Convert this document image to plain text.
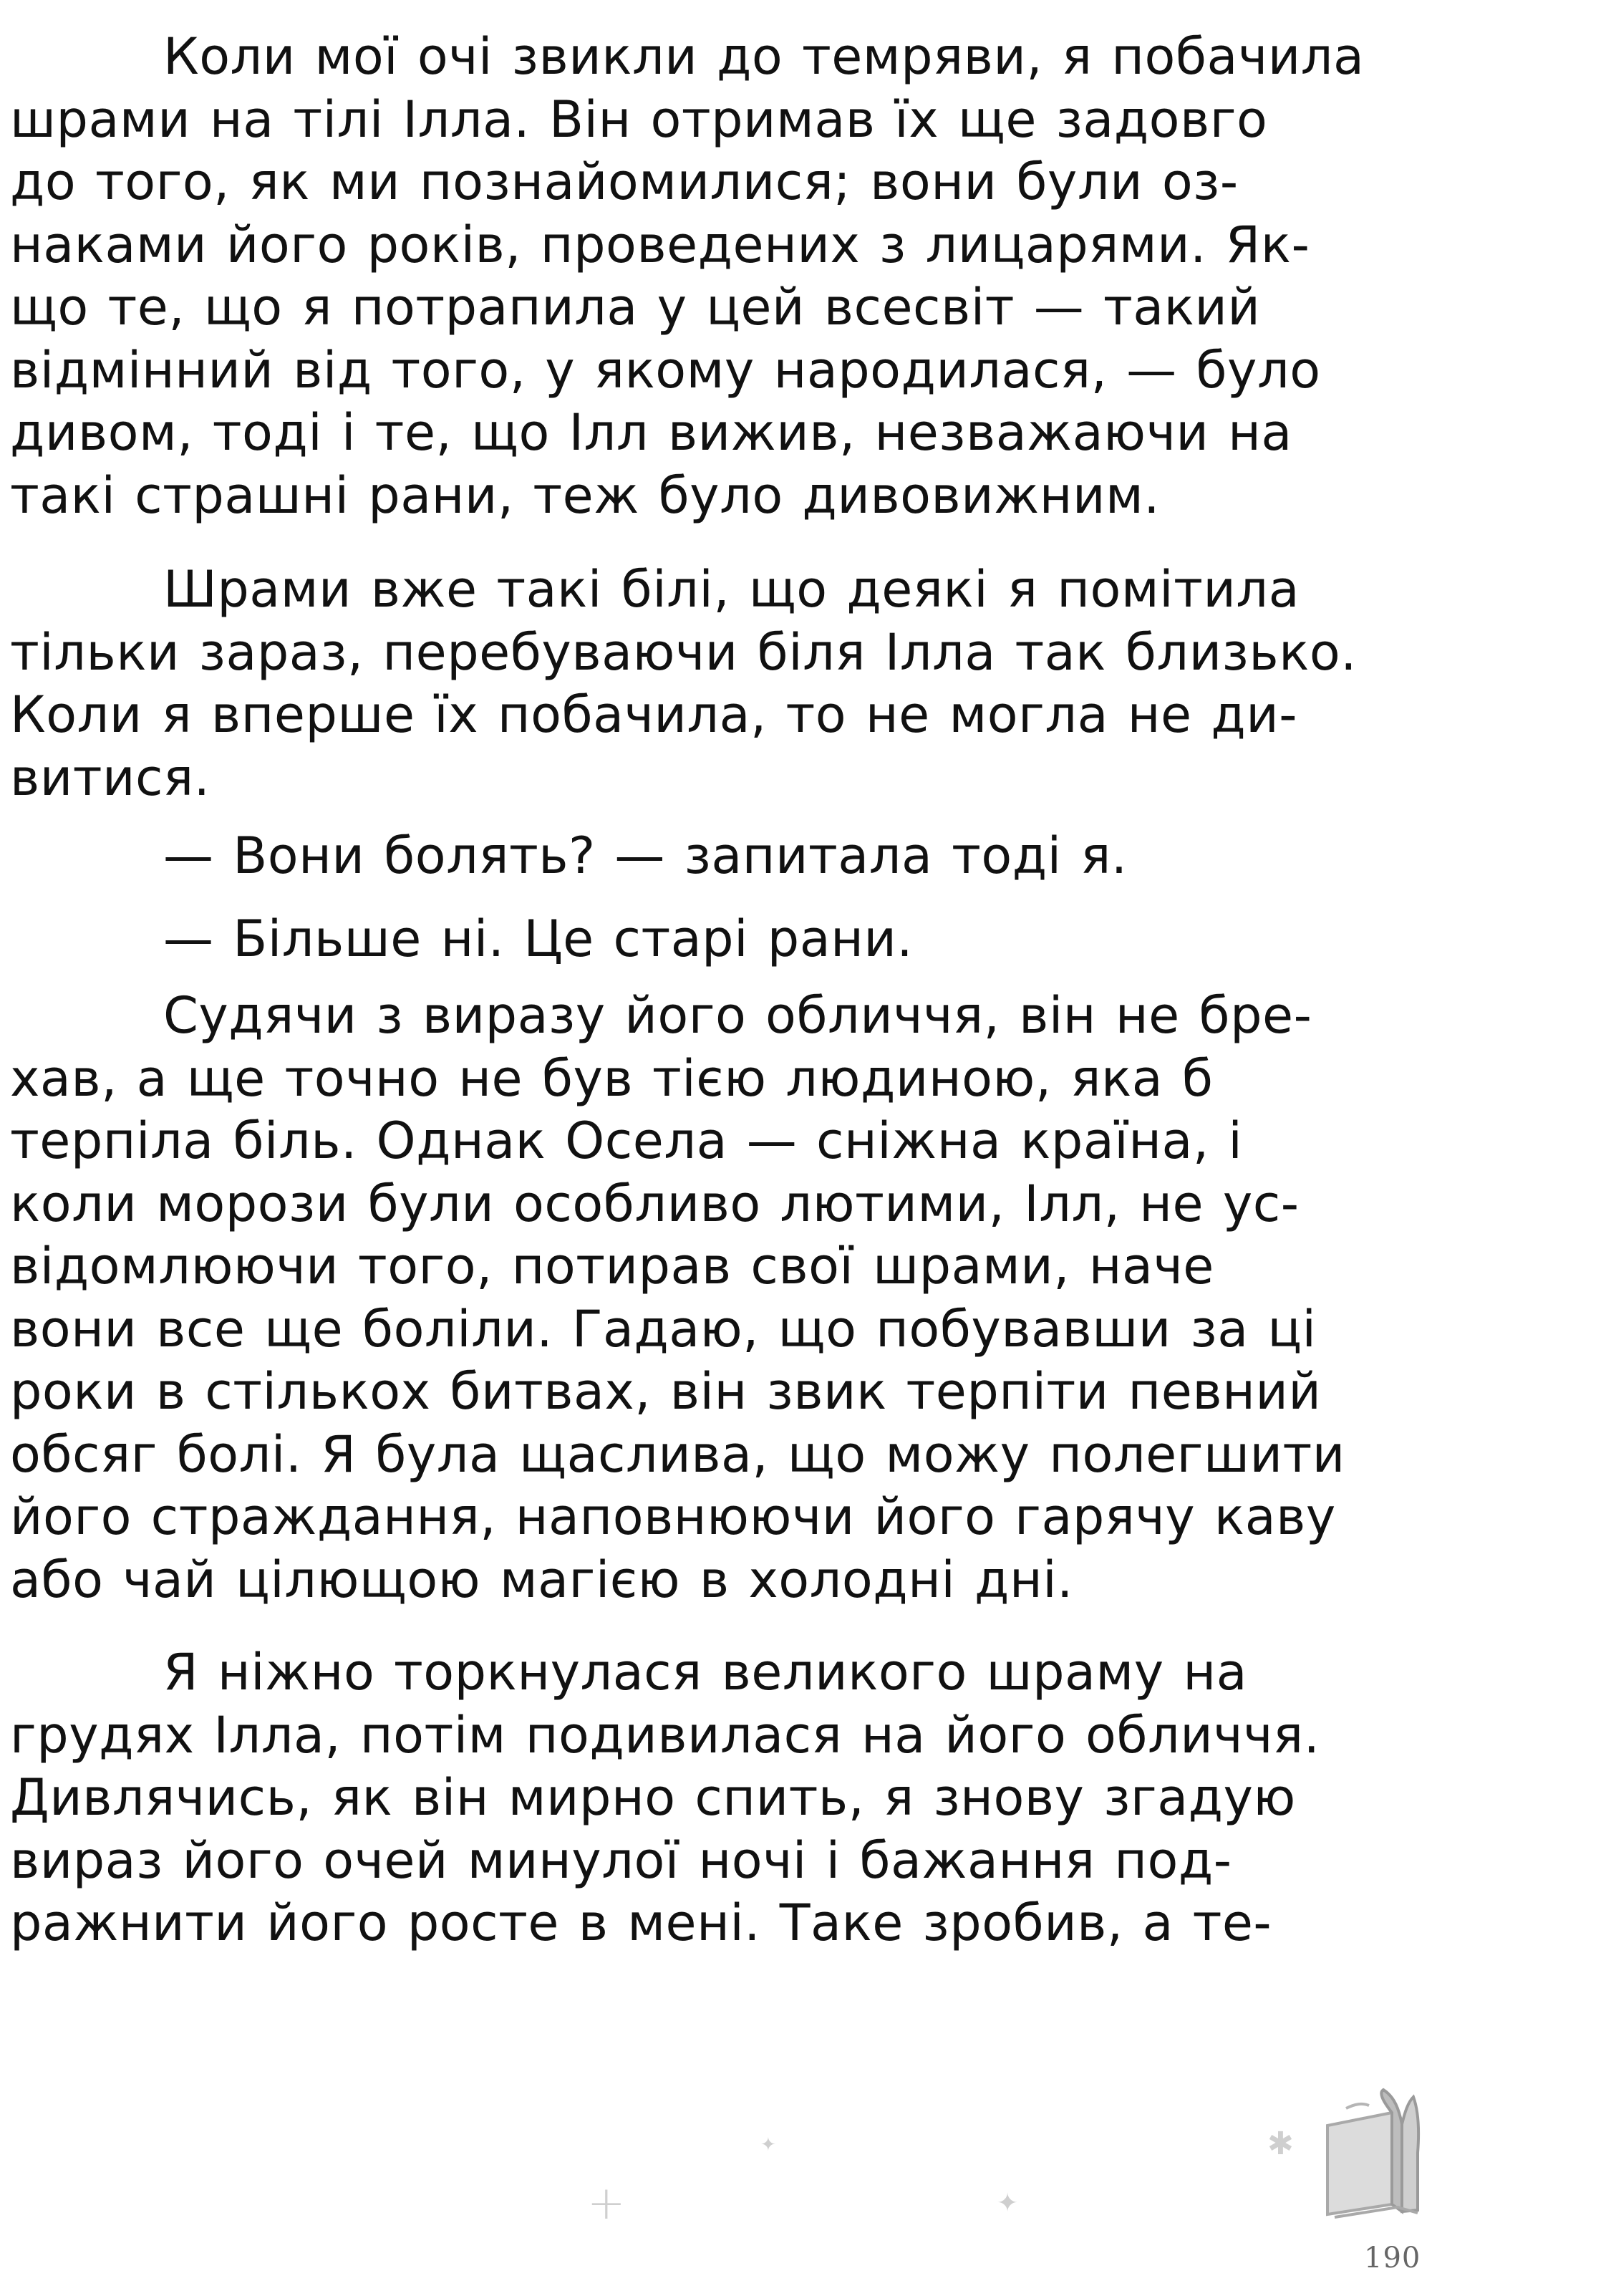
Коли мої очі звикли до темряви, я побачила
шрами на тілі Ілла. Він отримав їх ще задовго
до того, як ми познайомилися; вони були оз-
наками його років, проведених з лицарями. Як-
що те, що я потрапила у цей всесвіт — такий
відмінний від того, у якому народилася, — було
дивом, тоді і те, що Ілл вижив, незважаючи на
такі страшні рани, теж було дивовижним.

Шрами вже такі білі, що деякі я помітила
тільки зараз, перебуваючи біля Ілла так близько.
Коли я вперше їх побачила, то не могла не ди-
витися.

— Вони болять? — запитала тоді я.

— Більше ні. Це старі рани.

Судячи з виразу його обличчя, він не бре-
хав, а ще точно не був тією людиною, яка б
терпіла біль. Однак Осела — сніжна країна, і
коли морози були особливо лютими, Ілл, не ус-
відомлюючи того, потирав свої шрами, наче
вони все ще боліли. Гадаю, що побувавши за ці
роки в стількох битвах, він звик терпіти певний
обсяг болі. Я була щаслива, що можу полегшити
його страждання, наповнюючи його гарячу каву
або чай цілющою магією в холодні дні.

Я ніжно торкнулася великого шраму на
грудях Ілла, потім подивилася на його обличчя.
Дивлячись, як він мирно спить, я знову згадую
вираз його очей минулої ночі і бажання под-
ражнити його росте в мені. Таке зробив, а те-

✦
+	✦
✱
✱
190
